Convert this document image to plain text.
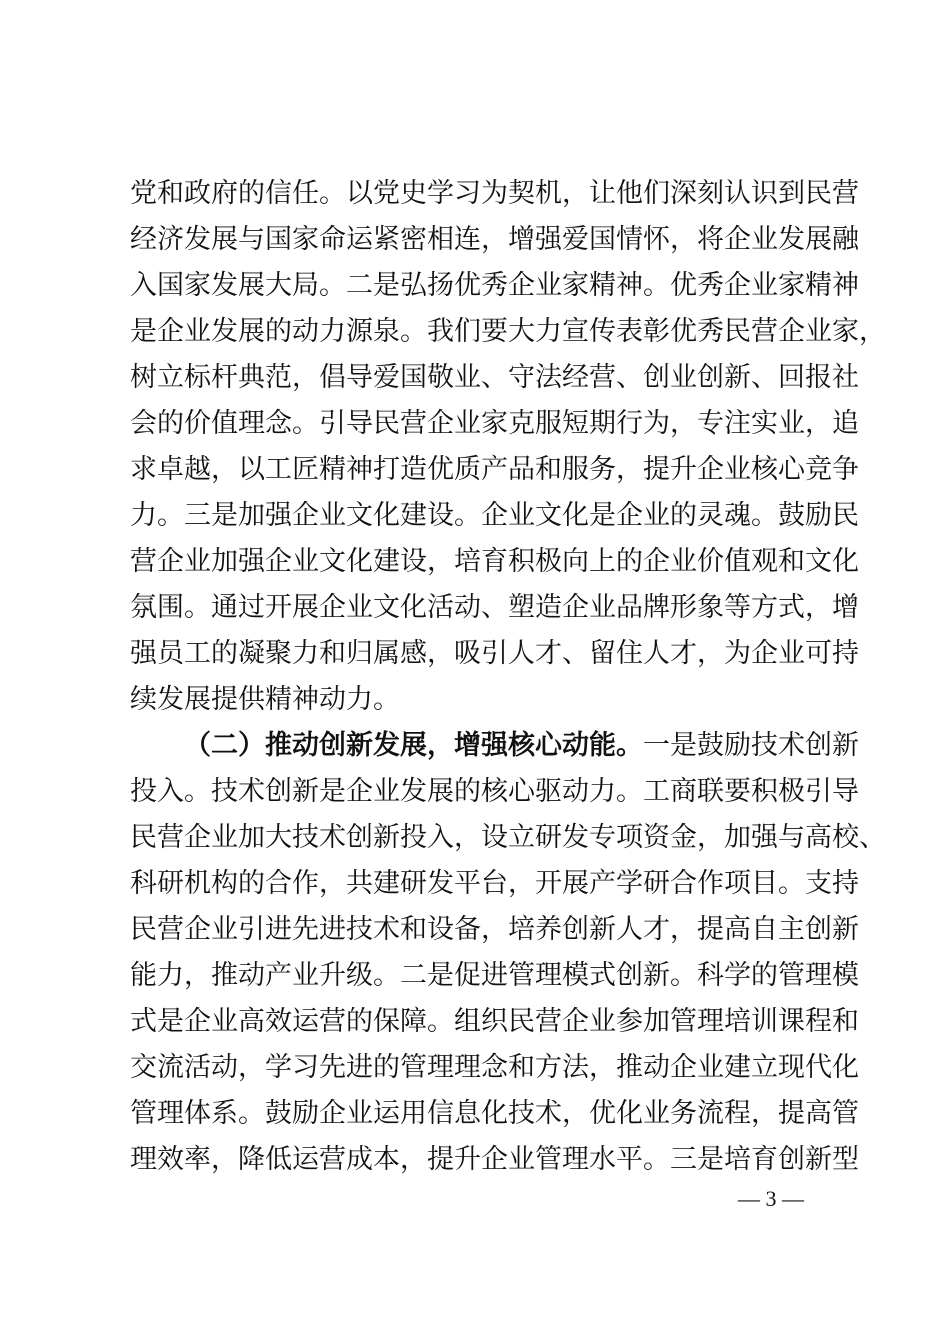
党和政府的信任。以党史学习为契机，让他们深刻认识到民营
经济发展与国家命运紧密相连，增强爱国情怀，将企业发展融
入国家发展大局。二是弘扬优秀企业家精神。优秀企业家精神
是企业发展的动力源泉。我们要大力宣传表彰优秀民营企业家，
树立标杆典范，倡导爱国敬业、守法经营、创业创新、回报社
会的价值理念。引导民营企业家克服短期行为，专注实业，追
求卓越，以工匠精神打造优质产品和服务，提升企业核心竞争
力。三是加强企业文化建设。企业文化是企业的灵魂。鼓励民
营企业加强企业文化建设，培育积极向上的企业价值观和文化
氛围。通过开展企业文化活动、塑造企业品牌形象等方式，增
强员工的凝聚力和归属感，吸引人才、留住人才，为企业可持
续发展提供精神动力。
（二）推动创新发展，增强核心动能。一是鼓励技术创新
投入。技术创新是企业发展的核心驱动力。工商联要积极引导
民营企业加大技术创新投入，设立研发专项资金，加强与高校、
科研机构的合作，共建研发平台，开展产学研合作项目。支持
民营企业引进先进技术和设备，培养创新人才，提高自主创新
能力，推动产业升级。二是促进管理模式创新。科学的管理模
式是企业高效运营的保障。组织民营企业参加管理培训课程和
交流活动，学习先进的管理理念和方法，推动企业建立现代化
管理体系。鼓励企业运用信息化技术，优化业务流程，提高管
理效率，降低运营成本，提升企业管理水平。三是培育创新型
— 3 —
